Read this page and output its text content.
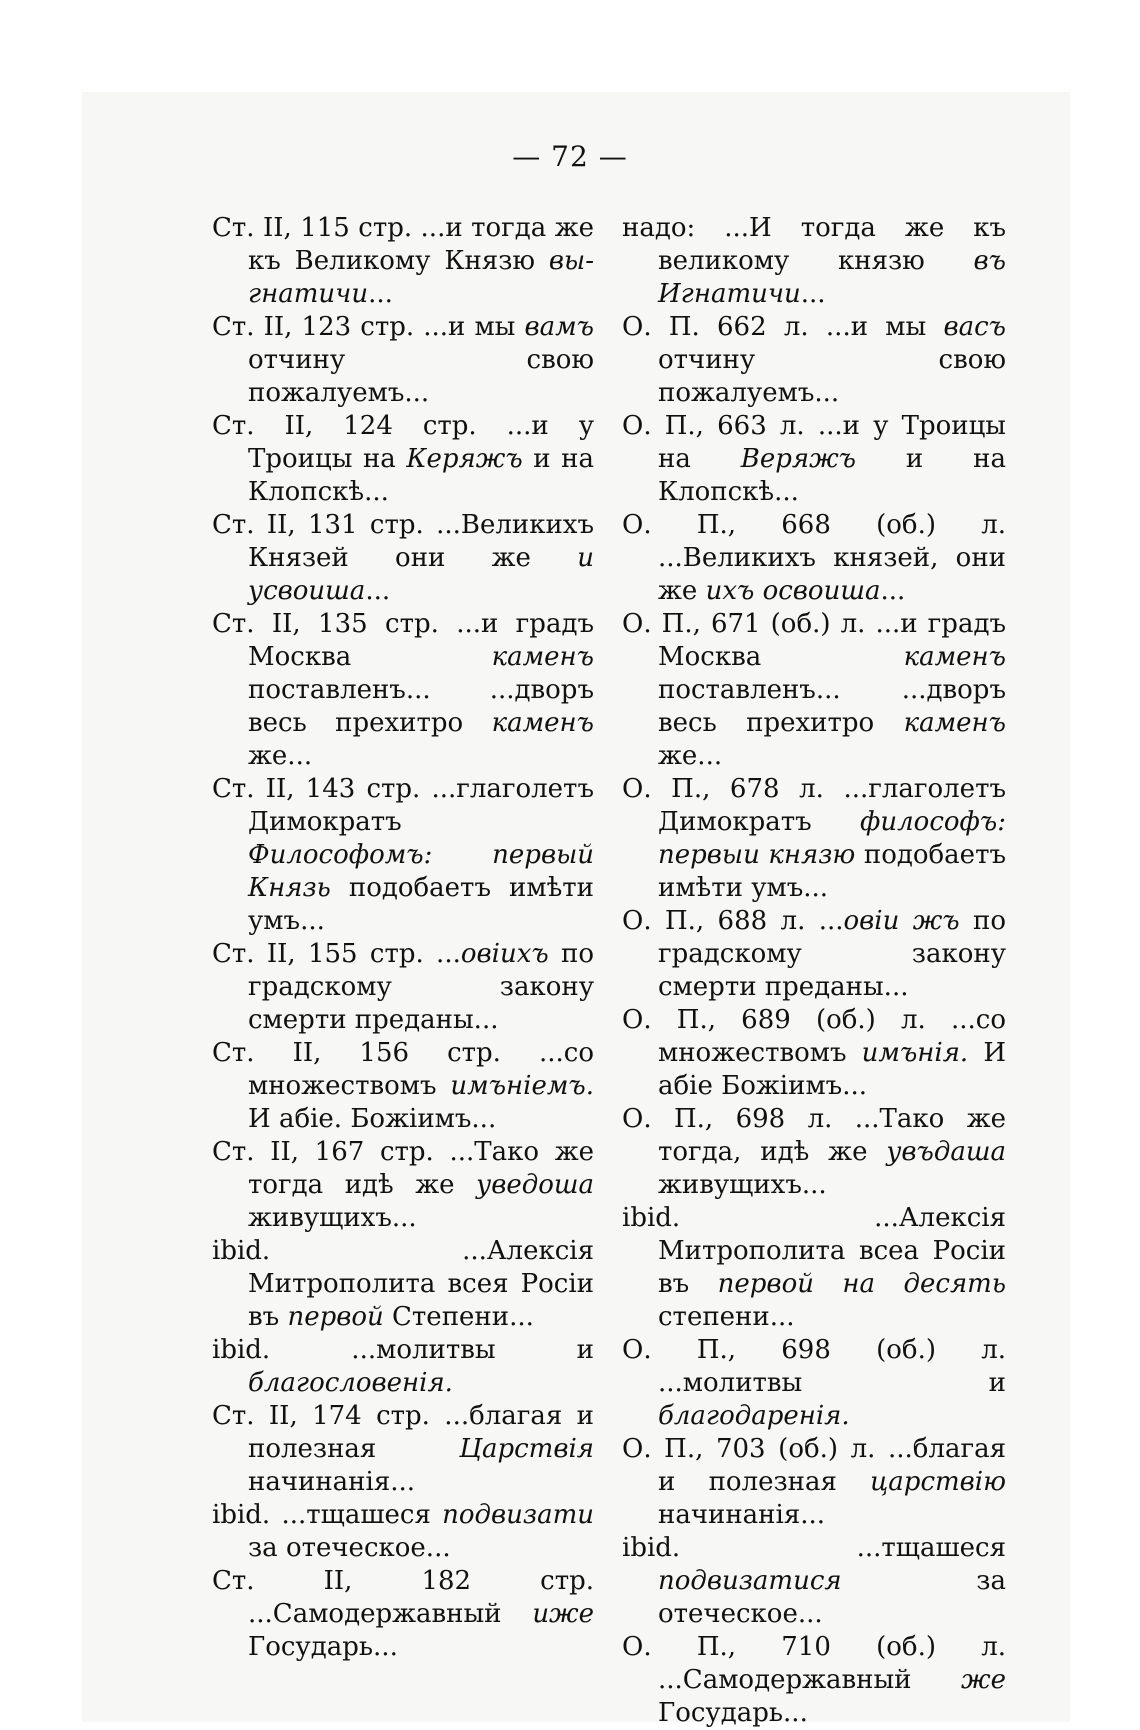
— 72 —

Ст. II, 115 стр. ...и тогда же къ Великому Князю вы-гнатичи...

Ст. II, 123 стр. ...и мы вамъ отчину свою пожалуемъ...

Ст. II, 124 стр. ...и у Троицы на Керяжъ и на Клопскѣ...

Ст. II, 131 стр. ...Великихъ Князей они же и усвоиша...

Ст. II, 135 стр. ...и градъ Москва каменъ поставленъ... ...дворъ весь прехитро каменъ же...

Ст. II, 143 стр. ...глаголетъ Димократъ Философомъ: первый Князь подобаетъ имѣти умъ...

Ст. II, 155 стр. ...овіихъ по градскому закону смерти преданы...

Ст. II, 156 стр. ...со множествомъ имъніемъ. И абіе. Божіимъ...

Ст. II, 167 стр. ...Тако же тогда идѣ же уведоша живущихъ...

ibid. ...Алексія Митрополита всея Росіи въ первой Степени...

ibid. ...молитвы и благословенія.

Ст. II, 174 стр. ...благая и полезная Царствія начинанія...

ibid. ...тщашеся подвизати за отеческое...

Ст. II, 182 стр. ...Самодержавный иже Государь...

надо: ...И тогда же къ великому князю въ Игнатичи...

О. П. 662 л. ...и мы васъ отчину свою пожалуемъ...

О. П., 663 л. ...и у Троицы на Веряжъ и на Клопскѣ...

О. П., 668 (об.) л. ...Великихъ князей, они же ихъ освоиша...

О. П., 671 (об.) л. ...и градъ Москва каменъ поставленъ... ...дворъ весь прехитро каменъ же...

О. П., 678 л. ...глаголетъ Димократъ философъ: первыи князю подобаетъ имѣти умъ...

О. П., 688 л. ...овіи жъ по градскому закону смерти преданы...

О. П., 689 (об.) л. ...со множествомъ имънія. И абіе Божіимъ...

О. П., 698 л. ...Тако же тогда, идѣ же увъдаша живущихъ...

ibid. ...Алексія Митрополита всеа Росіи въ первой на десять степени...

О. П., 698 (об.) л. ...молитвы и благодаренія.

О. П., 703 (об.) л. ...благая и полезная царствію начинанія...

ibid. ...тщашеся подвизатися за отеческое...

О. П., 710 (об.) л. ...Самодержавный же Государь...
